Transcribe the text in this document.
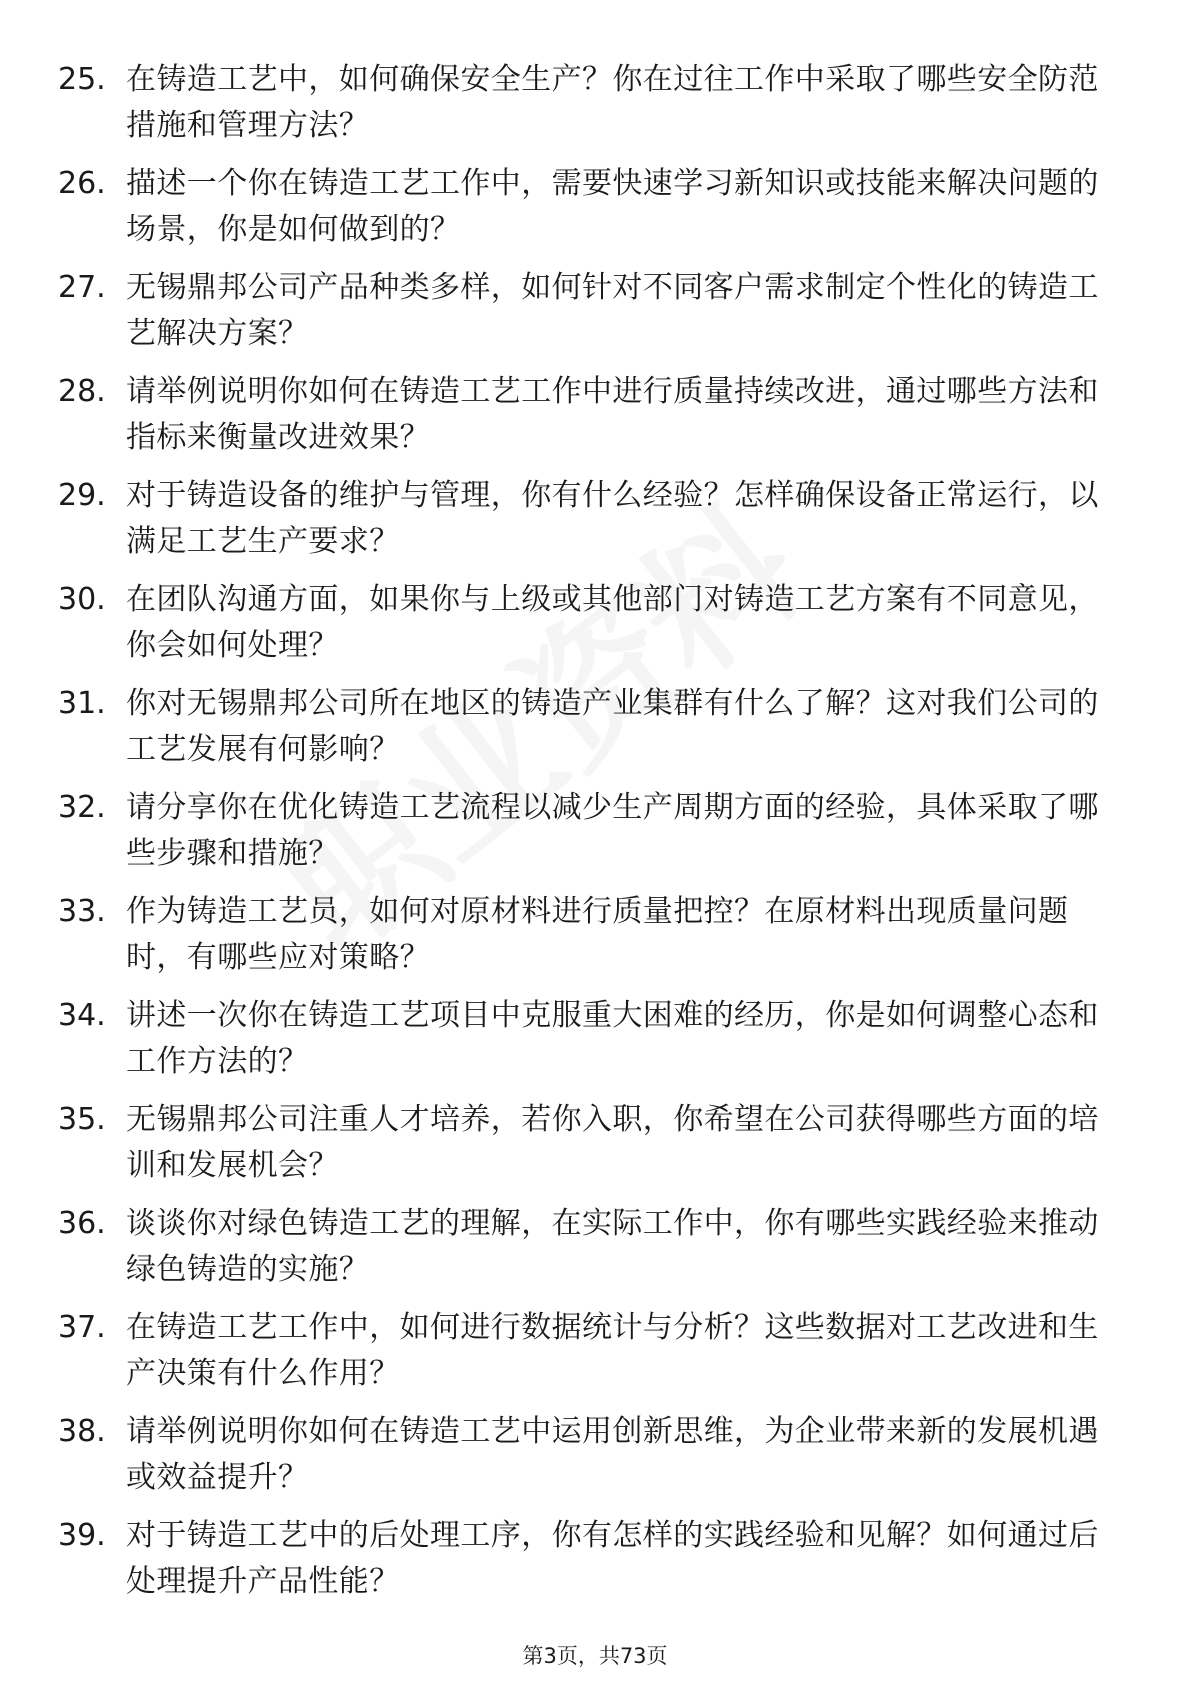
25. 在铸造工艺中，如何确保安全生产？你在过往工作中采取了哪些安全防范措施和管理方法？
26. 描述一个你在铸造工艺工作中，需要快速学习新知识或技能来解决问题的场景，你是如何做到的？
27. 无锡鼎邦公司产品种类多样，如何针对不同客户需求制定个性化的铸造工艺解决方案？
28. 请举例说明你如何在铸造工艺工作中进行质量持续改进，通过哪些方法和指标来衡量改进效果？
29. 对于铸造设备的维护与管理，你有什么经验？怎样确保设备正常运行，以满足工艺生产要求？
30. 在团队沟通方面，如果你与上级或其他部门对铸造工艺方案有不同意见，你会如何处理？
31. 你对无锡鼎邦公司所在地区的铸造产业集群有什么了解？这对我们公司的工艺发展有何影响？
32. 请分享你在优化铸造工艺流程以减少生产周期方面的经验，具体采取了哪些步骤和措施？
33. 作为铸造工艺员，如何对原材料进行质量把控？在原材料出现质量问题时，有哪些应对策略？
34. 讲述一次你在铸造工艺项目中克服重大困难的经历，你是如何调整心态和工作方法的？
35. 无锡鼎邦公司注重人才培养，若你入职，你希望在公司获得哪些方面的培训和发展机会？
36. 谈谈你对绿色铸造工艺的理解，在实际工作中，你有哪些实践经验来推动绿色铸造的实施？
37. 在铸造工艺工作中，如何进行数据统计与分析？这些数据对工艺改进和生产决策有什么作用？
38. 请举例说明你如何在铸造工艺中运用创新思维，为企业带来新的发展机遇或效益提升？
39. 对于铸造工艺中的后处理工序，你有怎样的实践经验和见解？如何通过后处理提升产品性能？
第3页，共73页
